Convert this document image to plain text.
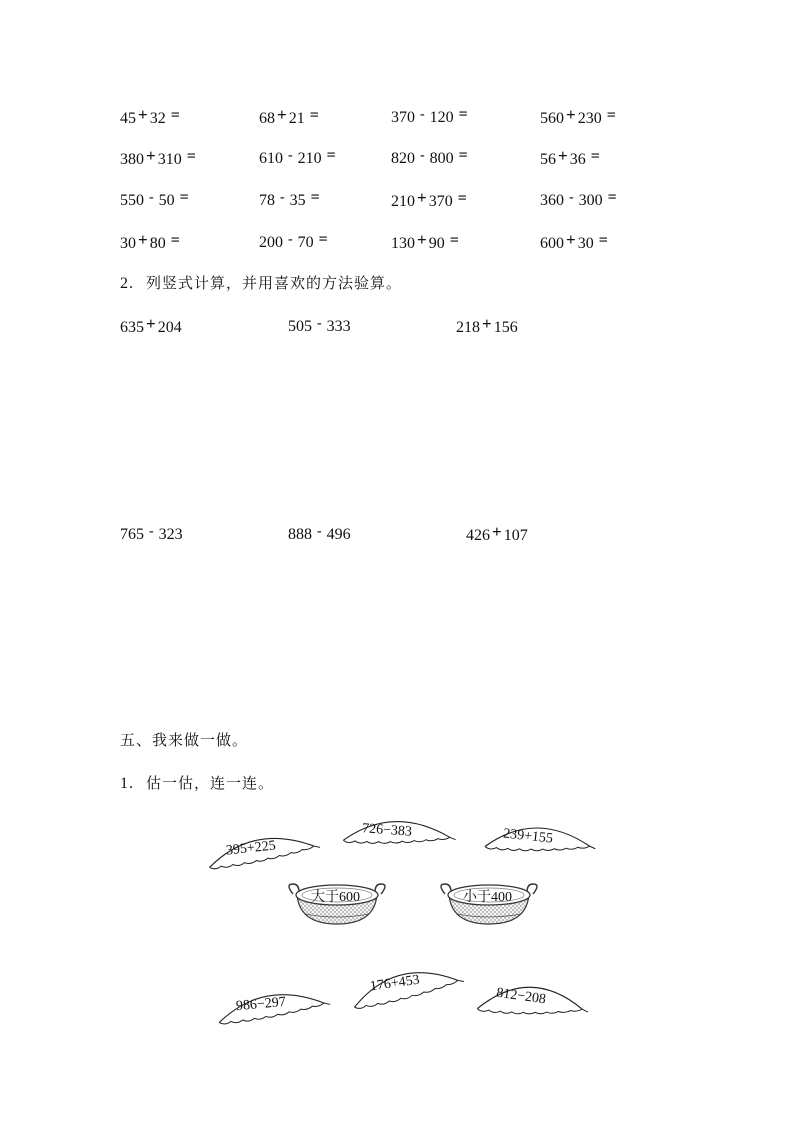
45 + 32 =	68 + 21 =	370 - 120 =	560 + 230 =
380 + 310 =	610 - 210 =	820 - 800 =	56 + 36 =
550 - 50 =	78 - 35 =	210 + 370 =	360 - 300 =
30 + 80 =	200 - 70 =	130 + 90 =	600 + 30 =
2. 列竖式计算，并用喜欢的方法验算。
635 + 204	505 - 333	218 + 156
765 - 323	888 - 496	426 + 107
五、我来做一做。
1. 估一估，连一连。
395+225
726−383	239+155
986−297
176+453
812−208
大于600	小于400
